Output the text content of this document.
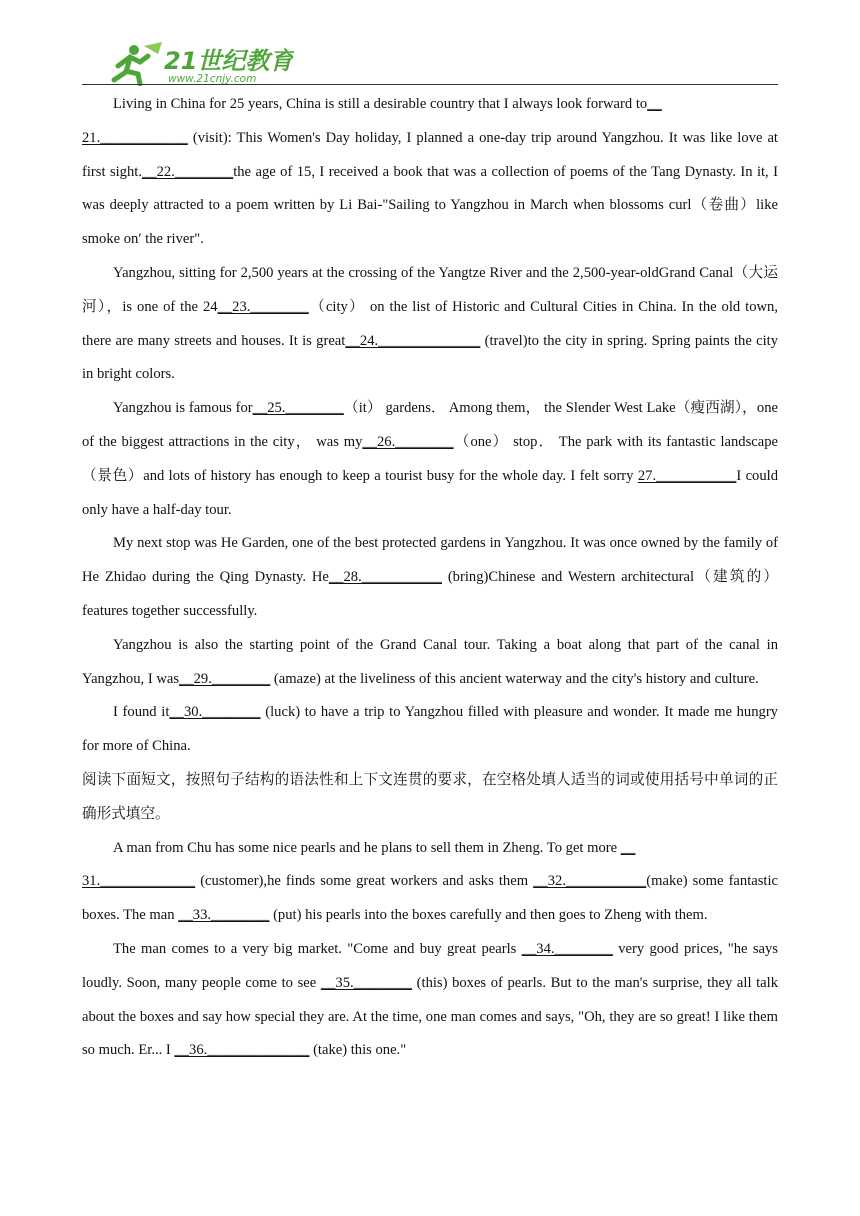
21世纪教育
www.21cnjy.com

Living in China for 25 years, China is still a desirable country that I always look forward to__
21.____________ (visit): This Women's Day holiday, I planned a one-day trip around Yangzhou. It was like love at first sight.__22.________the age of 15, I received a book that was a collection of poems of the Tang Dynasty. In it, I was deeply attracted to a poem written by Li Bai-"Sailing to Yangzhou in March when blossoms curl（卷曲）like smoke on′ the river".

Yangzhou, sitting for 2,500 years at the crossing of the Yangtze River and the 2,500-year-oldGrand Canal（大运河），is one of the 24__23.________（city） on the list of Historic and Cultural Cities in China. In the old town, there are many streets and houses. It is great__24.______________ (travel)to the city in spring. Spring paints the city in bright colors.

Yangzhou is famous for__25.________（it） gardens． Among them， the Slender West Lake（瘦西湖），one of the biggest attractions in the city， was my__26.________（one） stop． The park with its fantastic landscape（景色）and lots of history has enough to keep a tourist busy for the whole day. I felt sorry 27.___________I could only have a half-day tour.

My next stop was He Garden, one of the best protected gardens in Yangzhou. It was once owned by the family of He Zhidao during the Qing Dynasty. He__28.___________ (bring)Chinese and Western architectural（建筑的）features together successfully.

Yangzhou is also the starting point of the Grand Canal tour. Taking a boat along that part of the canal in Yangzhou, I was__29.________ (amaze) at the liveliness of this ancient waterway and the city's history and culture.

I found it__30.________ (luck) to have a trip to Yangzhou filled with pleasure and wonder. It made me hungry for more of China.

阅读下面短文，按照句子结构的语法性和上下文连贯的要求，在空格处填人适当的词或使用括号中单词的正确形式填空。

A man from Chu has some nice pearls and he plans to sell them in Zheng. To get more __
31._____________ (customer),he finds some great workers and asks them __32.___________(make) some fantastic boxes. The man __33.________ (put) his pearls into the boxes carefully and then goes to Zheng with them.

The man comes to a very big market. "Come and buy great pearls __34.________ very good prices, "he says loudly. Soon, many people come to see __35.________ (this) boxes of pearls. But to the man's surprise, they all talk about the boxes and say how special they are. At the time, one man comes and says, "Oh, they are so great! I like them so much. Er... I __36.______________ (take) this one."
